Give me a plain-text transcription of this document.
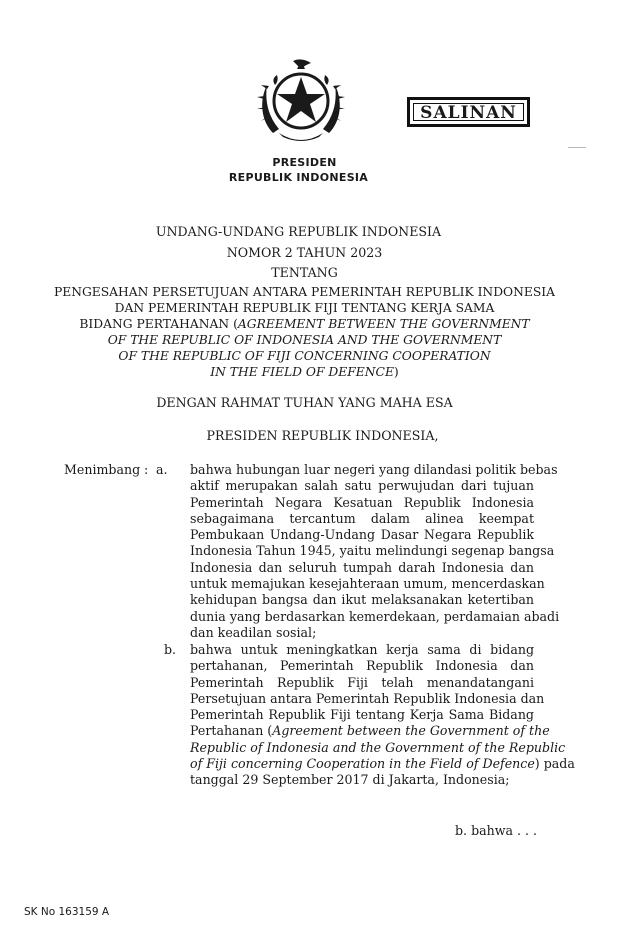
SALINAN
PRESIDEN
REPUBLIK INDONESIA
UNDANG-UNDANG REPUBLIK INDONESIA
NOMOR 2 TAHUN 2023
TENTANG
PENGESAHAN PERSETUJUAN ANTARA PEMERINTAH REPUBLIK INDONESIA
DAN PEMERINTAH REPUBLIK FIJI TENTANG KERJA SAMA
BIDANG PERTAHANAN (AGREEMENT BETWEEN THE GOVERNMENT
OF THE REPUBLIC OF INDONESIA AND THE GOVERNMENT
OF THE REPUBLIC OF FIJI CONCERNING COOPERATION
IN THE FIELD OF DEFENCE)
DENGAN RAHMAT TUHAN YANG MAHA ESA
PRESIDEN REPUBLIK INDONESIA,
Menimbang : a. bahwa hubungan luar negeri yang dilandasi politik bebas
aktif merupakan salah satu perwujudan dari tujuan
Pemerintah Negara Kesatuan Republik Indonesia
sebagaimana tercantum dalam alinea keempat
Pembukaan Undang-Undang Dasar Negara Republik
Indonesia Tahun 1945, yaitu melindungi segenap bangsa
Indonesia dan seluruh tumpah darah Indonesia dan
untuk memajukan kesejahteraan umum, mencerdaskan
kehidupan bangsa dan ikut melaksanakan ketertiban
dunia yang berdasarkan kemerdekaan, perdamaian abadi
dan keadilan sosial;
b. bahwa untuk meningkatkan kerja sama di bidang
pertahanan, Pemerintah Republik Indonesia dan
Pemerintah Republik Fiji telah menandatangani
Persetujuan antara Pemerintah Republik Indonesia dan
Pemerintah Republik Fiji tentang Kerja Sama Bidang
Pertahanan (Agreement between the Government of the
Republic of Indonesia and the Government of the Republic
of Fiji concerning Cooperation in the Field of Defence) pada
tanggal 29 September 2017 di Jakarta, Indonesia;
b. bahwa . . .
SK No 163159 A
